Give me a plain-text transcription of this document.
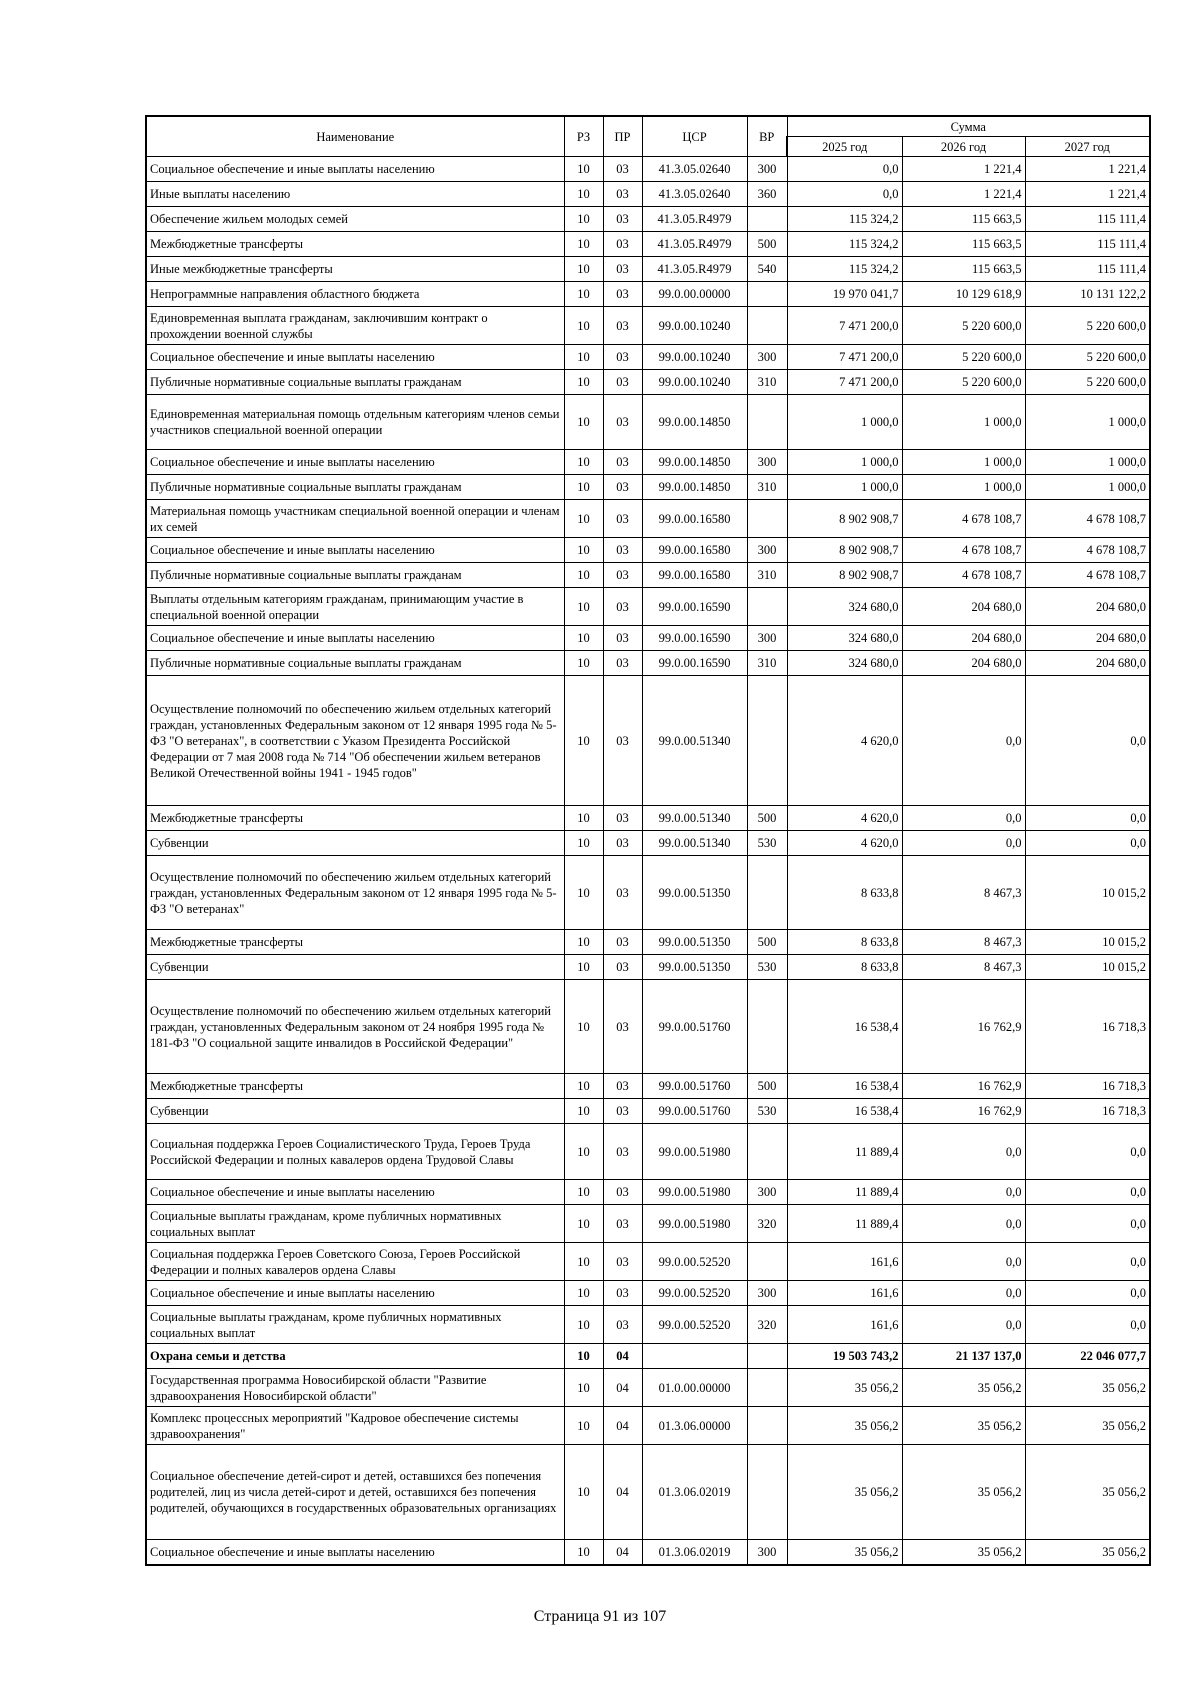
Наименование	РЗ	ПР	ЦСР	ВР	Сумма		
					2025 год	2026 год	2027 год
Социальное обеспечение и иные выплаты населению	10	03	41.3.05.02640	300	0,0	1 221,4	1 221,4
Иные выплаты населению	10	03	41.3.05.02640	360	0,0	1 221,4	1 221,4
Обеспечение жильем молодых семей	10	03	41.3.05.R4979		115 324,2	115 663,5	115 111,4
Межбюджетные трансферты	10	03	41.3.05.R4979	500	115 324,2	115 663,5	115 111,4
Иные межбюджетные трансферты	10	03	41.3.05.R4979	540	115 324,2	115 663,5	115 111,4
Непрограммные направления областного бюджета	10	03	99.0.00.00000		19 970 041,7	10 129 618,9	10 131 122,2
Единовременная выплата гражданам, заключившим контракт о прохождении военной службы	10	03	99.0.00.10240		7 471 200,0	5 220 600,0	5 220 600,0
Социальное обеспечение и иные выплаты населению	10	03	99.0.00.10240	300	7 471 200,0	5 220 600,0	5 220 600,0
Публичные нормативные социальные выплаты гражданам	10	03	99.0.00.10240	310	7 471 200,0	5 220 600,0	5 220 600,0
Единовременная материальная помощь отдельным категориям членов семьи участников специальной военной операции	10	03	99.0.00.14850		1 000,0	1 000,0	1 000,0
Социальное обеспечение и иные выплаты населению	10	03	99.0.00.14850	300	1 000,0	1 000,0	1 000,0
Публичные нормативные социальные выплаты гражданам	10	03	99.0.00.14850	310	1 000,0	1 000,0	1 000,0
Материальная помощь участникам специальной военной операции и членам их семей	10	03	99.0.00.16580		8 902 908,7	4 678 108,7	4 678 108,7
Социальное обеспечение и иные выплаты населению	10	03	99.0.00.16580	300	8 902 908,7	4 678 108,7	4 678 108,7
Публичные нормативные социальные выплаты гражданам	10	03	99.0.00.16580	310	8 902 908,7	4 678 108,7	4 678 108,7
Выплаты отдельным категориям гражданам, принимающим участие в специальной военной операции	10	03	99.0.00.16590		324 680,0	204 680,0	204 680,0
Социальное обеспечение и иные выплаты населению	10	03	99.0.00.16590	300	324 680,0	204 680,0	204 680,0
Публичные нормативные социальные выплаты гражданам	10	03	99.0.00.16590	310	324 680,0	204 680,0	204 680,0
Осуществление полномочий по обеспечению жильем отдельных категорий граждан, установленных Федеральным законом от 12 января 1995 года № 5-ФЗ "О ветеранах", в соответствии с Указом Президента Российской Федерации от 7 мая 2008 года № 714 "Об обеспечении жильем ветеранов Великой Отечественной войны 1941 - 1945 годов"	10	03	99.0.00.51340		4 620,0	0,0	0,0
Межбюджетные трансферты	10	03	99.0.00.51340	500	4 620,0	0,0	0,0
Субвенции	10	03	99.0.00.51340	530	4 620,0	0,0	0,0
Осуществление полномочий по обеспечению жильем отдельных категорий граждан, установленных Федеральным законом от 12 января 1995 года № 5-ФЗ "О ветеранах"	10	03	99.0.00.51350		8 633,8	8 467,3	10 015,2
Межбюджетные трансферты	10	03	99.0.00.51350	500	8 633,8	8 467,3	10 015,2
Субвенции	10	03	99.0.00.51350	530	8 633,8	8 467,3	10 015,2
Осуществление полномочий по обеспечению жильем отдельных категорий граждан, установленных Федеральным законом от 24 ноября 1995 года № 181-ФЗ "О социальной защите инвалидов в Российской Федерации"	10	03	99.0.00.51760		16 538,4	16 762,9	16 718,3
Межбюджетные трансферты	10	03	99.0.00.51760	500	16 538,4	16 762,9	16 718,3
Субвенции	10	03	99.0.00.51760	530	16 538,4	16 762,9	16 718,3
Социальная поддержка Героев Социалистического Труда, Героев Труда Российской Федерации и полных кавалеров ордена Трудовой Славы	10	03	99.0.00.51980		11 889,4	0,0	0,0
Социальное обеспечение и иные выплаты населению	10	03	99.0.00.51980	300	11 889,4	0,0	0,0
Социальные выплаты гражданам, кроме публичных нормативных социальных выплат	10	03	99.0.00.51980	320	11 889,4	0,0	0,0
Социальная поддержка Героев Советского Союза, Героев Российской Федерации и полных кавалеров ордена Славы	10	03	99.0.00.52520		161,6	0,0	0,0
Социальное обеспечение и иные выплаты населению	10	03	99.0.00.52520	300	161,6	0,0	0,0
Социальные выплаты гражданам, кроме публичных нормативных социальных выплат	10	03	99.0.00.52520	320	161,6	0,0	0,0
Охрана семьи и детства	10	04			19 503 743,2	21 137 137,0	22 046 077,7
Государственная программа Новосибирской области "Развитие здравоохранения Новосибирской области"	10	04	01.0.00.00000		35 056,2	35 056,2	35 056,2
Комплекс процессных мероприятий "Кадровое обеспечение системы здравоохранения"	10	04	01.3.06.00000		35 056,2	35 056,2	35 056,2
Социальное обеспечение детей-сирот и детей, оставшихся без попечения родителей, лиц из числа детей-сирот и детей, оставшихся без попечения родителей, обучающихся в государственных образовательных организациях	10	04	01.3.06.02019		35 056,2	35 056,2	35 056,2
Социальное обеспечение и иные выплаты населению	10	04	01.3.06.02019	300	35 056,2	35 056,2	35 056,2
Страница 91 из 107
